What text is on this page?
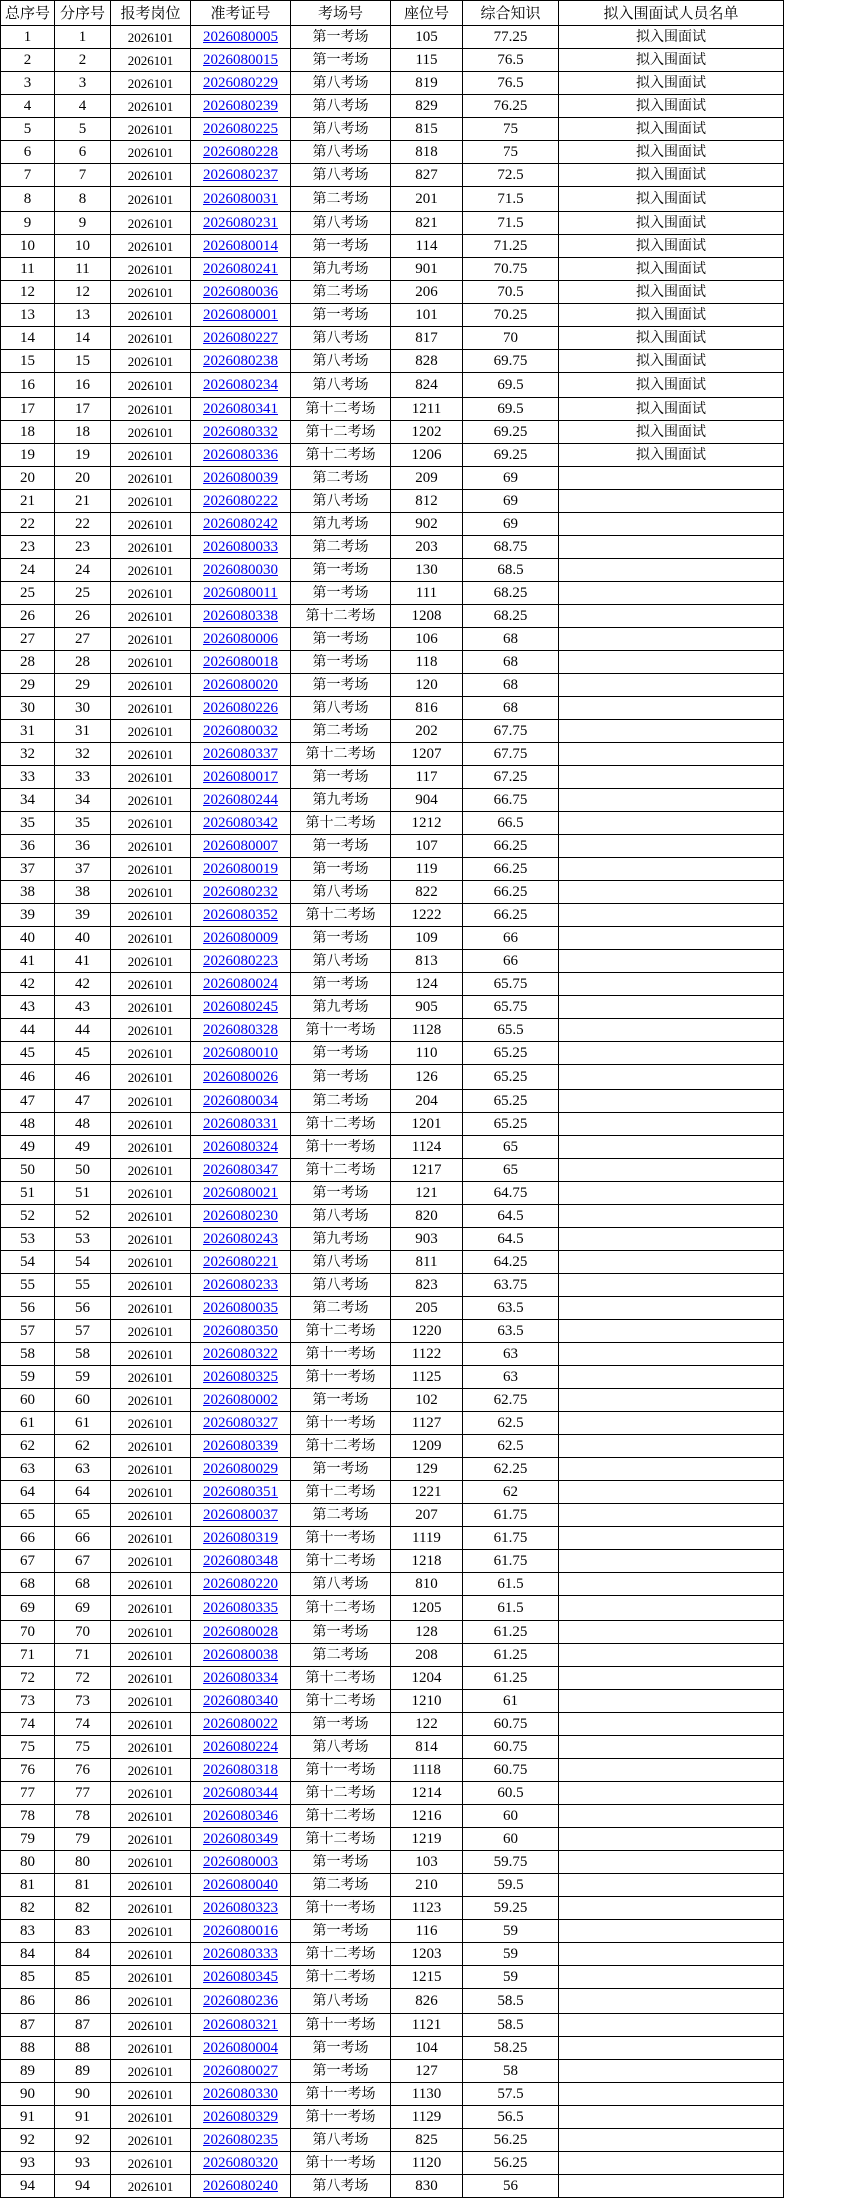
总序号	分序号	报考岗位	准考证号	考场号	座位号	综合知识	拟入围面试人员名单
1	1	2026101	2026080005	第一考场	105	77.25	拟入围面试
2	2	2026101	2026080015	第一考场	115	76.5	拟入围面试
3	3	2026101	2026080229	第八考场	819	76.5	拟入围面试
4	4	2026101	2026080239	第八考场	829	76.25	拟入围面试
5	5	2026101	2026080225	第八考场	815	75	拟入围面试
6	6	2026101	2026080228	第八考场	818	75	拟入围面试
7	7	2026101	2026080237	第八考场	827	72.5	拟入围面试
8	8	2026101	2026080031	第二考场	201	71.5	拟入围面试
9	9	2026101	2026080231	第八考场	821	71.5	拟入围面试
10	10	2026101	2026080014	第一考场	114	71.25	拟入围面试
11	11	2026101	2026080241	第九考场	901	70.75	拟入围面试
12	12	2026101	2026080036	第二考场	206	70.5	拟入围面试
13	13	2026101	2026080001	第一考场	101	70.25	拟入围面试
14	14	2026101	2026080227	第八考场	817	70	拟入围面试
15	15	2026101	2026080238	第八考场	828	69.75	拟入围面试
16	16	2026101	2026080234	第八考场	824	69.5	拟入围面试
17	17	2026101	2026080341	第十二考场	1211	69.5	拟入围面试
18	18	2026101	2026080332	第十二考场	1202	69.25	拟入围面试
19	19	2026101	2026080336	第十二考场	1206	69.25	拟入围面试
20	20	2026101	2026080039	第二考场	209	69	
21	21	2026101	2026080222	第八考场	812	69	
22	22	2026101	2026080242	第九考场	902	69	
23	23	2026101	2026080033	第二考场	203	68.75	
24	24	2026101	2026080030	第一考场	130	68.5	
25	25	2026101	2026080011	第一考场	111	68.25	
26	26	2026101	2026080338	第十二考场	1208	68.25	
27	27	2026101	2026080006	第一考场	106	68	
28	28	2026101	2026080018	第一考场	118	68	
29	29	2026101	2026080020	第一考场	120	68	
30	30	2026101	2026080226	第八考场	816	68	
31	31	2026101	2026080032	第二考场	202	67.75	
32	32	2026101	2026080337	第十二考场	1207	67.75	
33	33	2026101	2026080017	第一考场	117	67.25	
34	34	2026101	2026080244	第九考场	904	66.75	
35	35	2026101	2026080342	第十二考场	1212	66.5	
36	36	2026101	2026080007	第一考场	107	66.25	
37	37	2026101	2026080019	第一考场	119	66.25	
38	38	2026101	2026080232	第八考场	822	66.25	
39	39	2026101	2026080352	第十二考场	1222	66.25	
40	40	2026101	2026080009	第一考场	109	66	
41	41	2026101	2026080223	第八考场	813	66	
42	42	2026101	2026080024	第一考场	124	65.75	
43	43	2026101	2026080245	第九考场	905	65.75	
44	44	2026101	2026080328	第十一考场	1128	65.5	
45	45	2026101	2026080010	第一考场	110	65.25	
46	46	2026101	2026080026	第一考场	126	65.25	
47	47	2026101	2026080034	第二考场	204	65.25	
48	48	2026101	2026080331	第十二考场	1201	65.25	
49	49	2026101	2026080324	第十一考场	1124	65	
50	50	2026101	2026080347	第十二考场	1217	65	
51	51	2026101	2026080021	第一考场	121	64.75	
52	52	2026101	2026080230	第八考场	820	64.5	
53	53	2026101	2026080243	第九考场	903	64.5	
54	54	2026101	2026080221	第八考场	811	64.25	
55	55	2026101	2026080233	第八考场	823	63.75	
56	56	2026101	2026080035	第二考场	205	63.5	
57	57	2026101	2026080350	第十二考场	1220	63.5	
58	58	2026101	2026080322	第十一考场	1122	63	
59	59	2026101	2026080325	第十一考场	1125	63	
60	60	2026101	2026080002	第一考场	102	62.75	
61	61	2026101	2026080327	第十一考场	1127	62.5	
62	62	2026101	2026080339	第十二考场	1209	62.5	
63	63	2026101	2026080029	第一考场	129	62.25	
64	64	2026101	2026080351	第十二考场	1221	62	
65	65	2026101	2026080037	第二考场	207	61.75	
66	66	2026101	2026080319	第十一考场	1119	61.75	
67	67	2026101	2026080348	第十二考场	1218	61.75	
68	68	2026101	2026080220	第八考场	810	61.5	
69	69	2026101	2026080335	第十二考场	1205	61.5	
70	70	2026101	2026080028	第一考场	128	61.25	
71	71	2026101	2026080038	第二考场	208	61.25	
72	72	2026101	2026080334	第十二考场	1204	61.25	
73	73	2026101	2026080340	第十二考场	1210	61	
74	74	2026101	2026080022	第一考场	122	60.75	
75	75	2026101	2026080224	第八考场	814	60.75	
76	76	2026101	2026080318	第十一考场	1118	60.75	
77	77	2026101	2026080344	第十二考场	1214	60.5	
78	78	2026101	2026080346	第十二考场	1216	60	
79	79	2026101	2026080349	第十二考场	1219	60	
80	80	2026101	2026080003	第一考场	103	59.75	
81	81	2026101	2026080040	第二考场	210	59.5	
82	82	2026101	2026080323	第十一考场	1123	59.25	
83	83	2026101	2026080016	第一考场	116	59	
84	84	2026101	2026080333	第十二考场	1203	59	
85	85	2026101	2026080345	第十二考场	1215	59	
86	86	2026101	2026080236	第八考场	826	58.5	
87	87	2026101	2026080321	第十一考场	1121	58.5	
88	88	2026101	2026080004	第一考场	104	58.25	
89	89	2026101	2026080027	第一考场	127	58	
90	90	2026101	2026080330	第十一考场	1130	57.5	
91	91	2026101	2026080329	第十一考场	1129	56.5	
92	92	2026101	2026080235	第八考场	825	56.25	
93	93	2026101	2026080320	第十一考场	1120	56.25	
94	94	2026101	2026080240	第八考场	830	56	
